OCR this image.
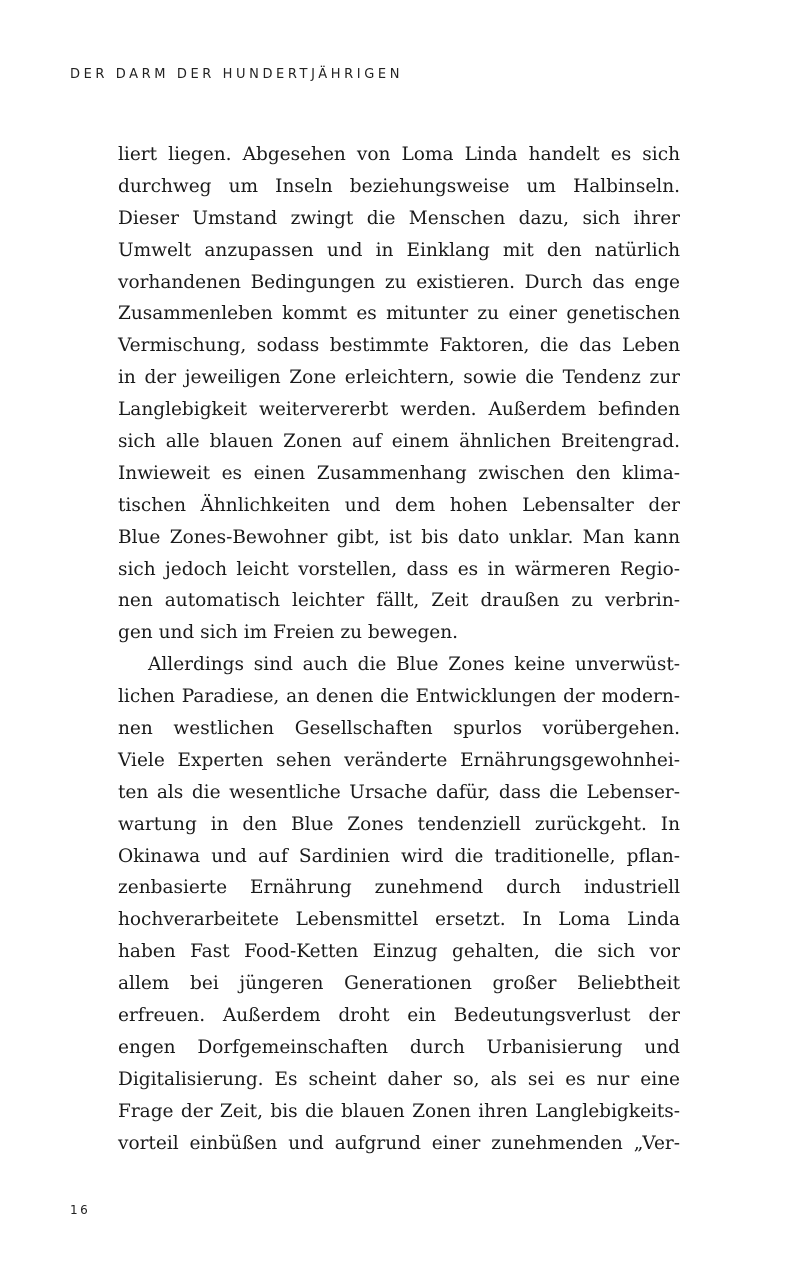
DER DARM DER HUNDERTJÄHRIGEN
liert liegen. Abgesehen von Loma Linda handelt es sich
durchweg um Inseln beziehungsweise um Halbinseln.
Dieser Umstand zwingt die Menschen dazu, sich ihrer
Umwelt anzupassen und in Einklang mit den natürlich
vorhandenen Bedingungen zu existieren. Durch das enge
Zusammenleben kommt es mitunter zu einer genetischen
Vermischung, sodass bestimmte Faktoren, die das Leben
in der jeweiligen Zone erleichtern, sowie die Tendenz zur
Langlebigkeit weitervererbt werden. Außerdem befinden
sich alle blauen Zonen auf einem ähnlichen Breitengrad.
Inwieweit es einen Zusammenhang zwischen den klima-
tischen Ähnlichkeiten und dem hohen Lebensalter der
Blue Zones-Bewohner gibt, ist bis dato unklar. Man kann
sich jedoch leicht vorstellen, dass es in wärmeren Regio-
nen automatisch leichter fällt, Zeit draußen zu verbrin-
gen und sich im Freien zu bewegen.
Allerdings sind auch die Blue Zones keine unverwüst-
lichen Paradiese, an denen die Entwicklungen der modern-
nen westlichen Gesellschaften spurlos vorübergehen.
Viele Experten sehen veränderte Ernährungsgewohnhei-
ten als die wesentliche Ursache dafür, dass die Lebenser-
wartung in den Blue Zones tendenziell zurückgeht. In
Okinawa und auf Sardinien wird die traditionelle, pflan-
zenbasierte Ernährung zunehmend durch industriell
hochverarbeitete Lebensmittel ersetzt. In Loma Linda
haben Fast Food-Ketten Einzug gehalten, die sich vor
allem bei jüngeren Generationen großer Beliebtheit
erfreuen. Außerdem droht ein Bedeutungsverlust der
engen Dorfgemeinschaften durch Urbanisierung und
Digitalisierung. Es scheint daher so, als sei es nur eine
Frage der Zeit, bis die blauen Zonen ihren Langlebigkeits-
vorteil einbüßen und aufgrund einer zunehmenden „Ver-
16
